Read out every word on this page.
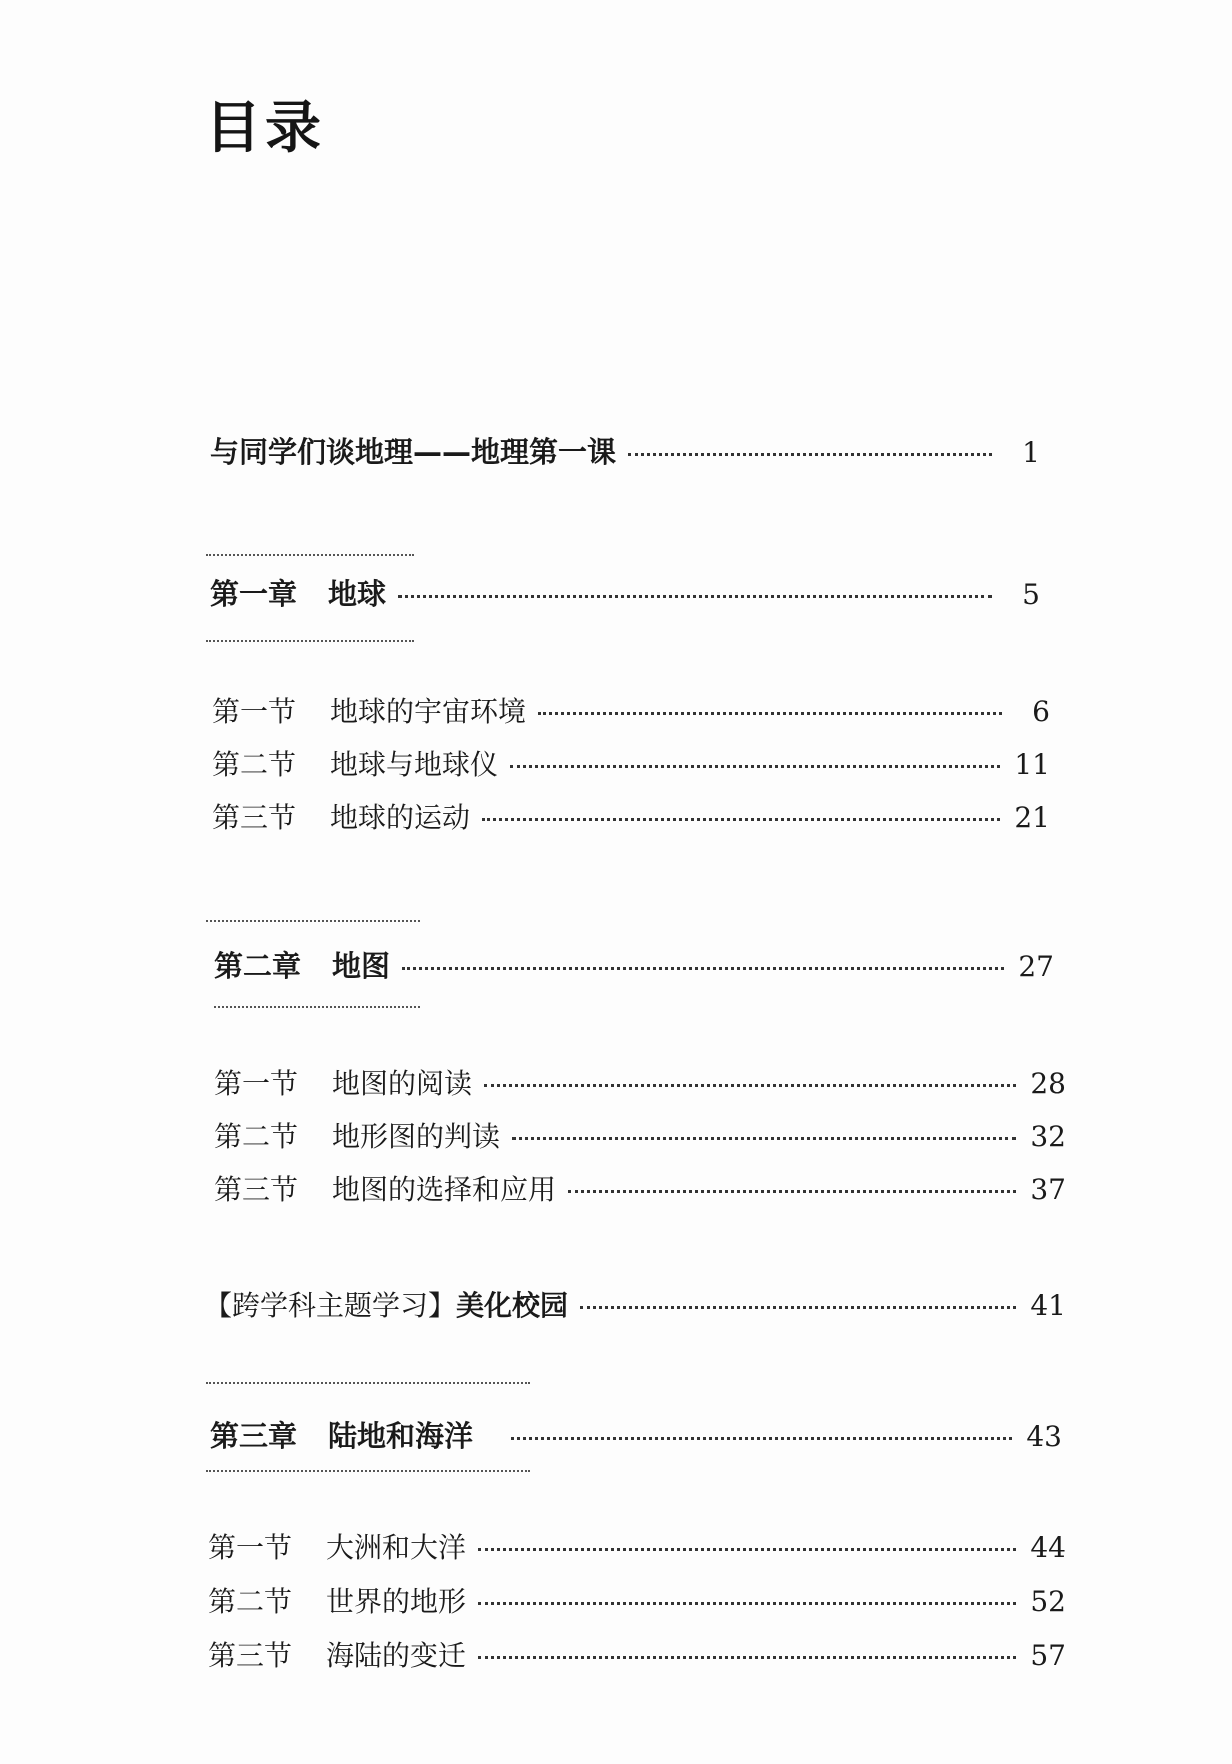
目录
与同学们谈地理——地理第一课	1
第一章 地球	5
第一节 地球的宇宙环境	6
第二节 地球与地球仪	11
第三节 地球的运动	21
第二章 地图	27
第一节 地图的阅读	28
第二节 地形图的判读	32
第三节 地图的选择和应用	37
【跨学科主题学习】美化校园	41
第三章 陆地和海洋	43
第一节 大洲和大洋	44
第二节 世界的地形	52
第三节 海陆的变迁	57
